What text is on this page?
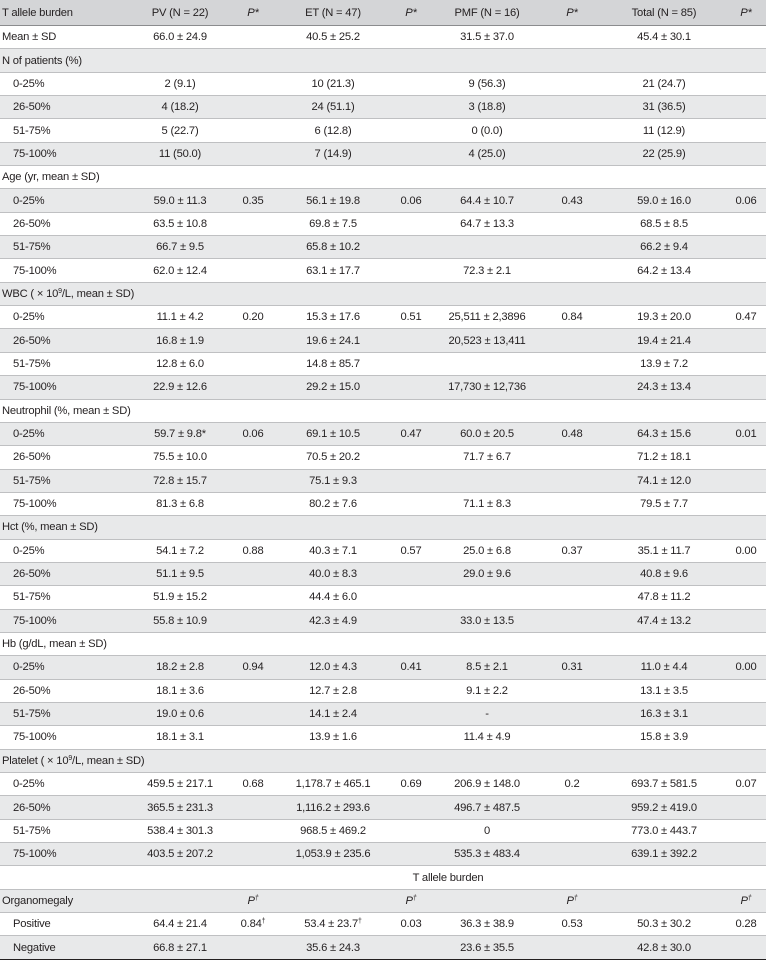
T allele burden	PV (N = 22)	P*	ET (N = 47)	P*	PMF (N = 16)	P*	Total (N = 85)	P*
Mean ± SD	66.0 ± 24.9		40.5 ± 25.2		31.5 ± 37.0		45.4 ± 30.1	
N of patients (%)								
0-25%	2 (9.1)		10 (21.3)		9 (56.3)		21 (24.7)	
26-50%	4 (18.2)		24 (51.1)		3 (18.8)		31 (36.5)	
51-75%	5 (22.7)		6 (12.8)		0 (0.0)		11 (12.9)	
75-100%	11 (50.0)		7 (14.9)		4 (25.0)		22 (25.9)	
Age (yr, mean ± SD)								
0-25%	59.0 ± 11.3	0.35	56.1 ± 19.8	0.06	64.4 ± 10.7	0.43	59.0 ± 16.0	0.06
26-50%	63.5 ± 10.8		69.8 ± 7.5		64.7 ± 13.3		68.5 ± 8.5	
51-75%	66.7 ± 9.5		65.8 ± 10.2				66.2 ± 9.4	
75-100%	62.0 ± 12.4		63.1 ± 17.7		72.3 ± 2.1		64.2 ± 13.4	
WBC ( × $10^9/L$, mean ± SD)								
0-25%	11.1 ± 4.2	0.20	15.3 ± 17.6	0.51	25,511 ± 2,3896	0.84	19.3 ± 20.0	0.47
26-50%	16.8 ± 1.9		19.6 ± 24.1		20,523 ± 13,411		19.4 ± 21.4	
51-75%	12.8 ± 6.0		14.8 ± 85.7				13.9 ± 7.2	
75-100%	22.9 ± 12.6		29.2 ± 15.0		17,730 ± 12,736		24.3 ± 13.4	
Neutrophil (%, mean ± SD)								
0-25%	59.7 ± 9.8*	0.06	69.1 ± 10.5	0.47	60.0 ± 20.5	0.48	64.3 ± 15.6	0.01
26-50%	75.5 ± 10.0		70.5 ± 20.2		71.7 ± 6.7		71.2 ± 18.1	
51-75%	72.8 ± 15.7		75.1 ± 9.3				74.1 ± 12.0	
75-100%	81.3 ± 6.8		80.2 ± 7.6		71.1 ± 8.3		79.5 ± 7.7	
Hct (%, mean ± SD)								
0-25%	54.1 ± 7.2	0.88	40.3 ± 7.1	0.57	25.0 ± 6.8	0.37	35.1 ± 11.7	0.00
26-50%	51.1 ± 9.5		40.0 ± 8.3		29.0 ± 9.6		40.8 ± 9.6	
51-75%	51.9 ± 15.2		44.4 ± 6.0				47.8 ± 11.2	
75-100%	55.8 ± 10.9		42.3 ± 4.9		33.0 ± 13.5		47.4 ± 13.2	
Hb (g/dL, mean ± SD)								
0-25%	18.2 ± 2.8	0.94	12.0 ± 4.3	0.41	8.5 ± 2.1	0.31	11.0 ± 4.4	0.00
26-50%	18.1 ± 3.6		12.7 ± 2.8		9.1 ± 2.2		13.1 ± 3.5	
51-75%	19.0 ± 0.6		14.1 ± 2.4		-		16.3 ± 3.1	
75-100%	18.1 ± 3.1		13.9 ± 1.6		11.4 ± 4.9		15.8 ± 3.9	
Platelet ( × $10^9/L$, mean ± SD)								
0-25%	459.5 ± 217.1	0.68	1,178.7 ± 465.1	0.69	206.9 ± 148.0	0.2	693.7 ± 581.5	0.07
26-50%	365.5 ± 231.3		1,116.2 ± 293.6		496.7 ± 487.5		959.2 ± 419.0	
51-75%	538.4 ± 301.3		968.5 ± 469.2		0		773.0 ± 443.7	
75-100%	403.5 ± 207.2		1,053.9 ± 235.6		535.3 ± 483.4		639.1 ± 392.2	
	T allele burden							
Organomegaly		P†		P†		P†		P†
Positive	64.4 ± 21.4	0.84†	53.4 ± 23.7†	0.03	36.3 ± 38.9	0.53	50.3 ± 30.2	0.28
Negative	66.8 ± 27.1		35.6 ± 24.3		23.6 ± 35.5		42.8 ± 30.0	
